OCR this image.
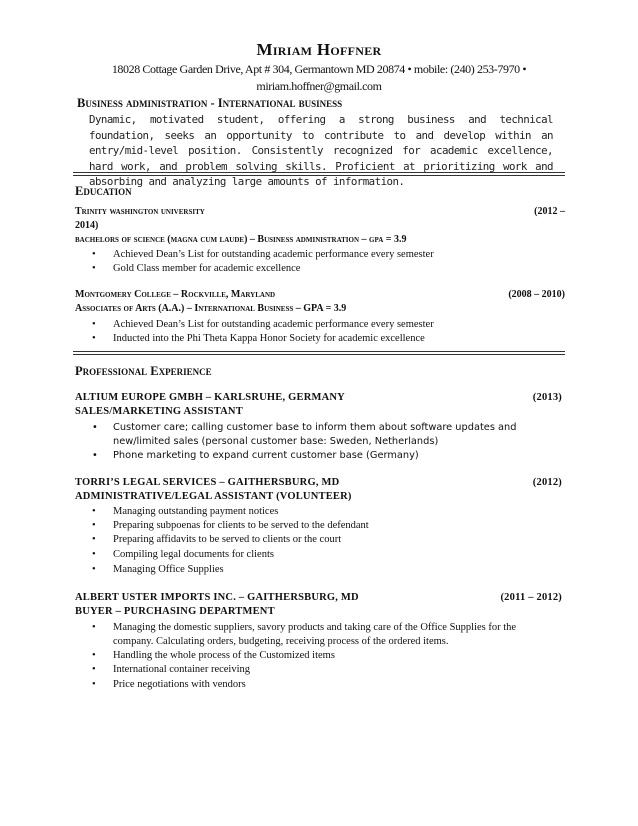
Miriam Hoffner
18028 Cottage Garden Drive, Apt # 304, Germantown MD 20874 • mobile: (240) 253-7970 •
miriam.hoffner@gmail.com
Business administration - International business
Dynamic, motivated student, offering a strong business and technical foundation, seeks an opportunity to contribute to and develop within an entry/mid-level position. Consistently recognized for academic excellence, hard work, and problem solving skills. Proficient at prioritizing work and absorbing and analyzing large amounts of information.
Education
Trinity washington university	(2012 –
2014)
bachelors of science (magna cum laude) – Business administration – gpa = 3.9
• Achieved Dean’s List for outstanding academic performance every semester
• Gold Class member for academic excellence
Montgomery College – Rockville, Maryland	(2008 – 2010)
Associates of Arts (A.A.) – International Business – GPA = 3.9
• Achieved Dean’s List for outstanding academic performance every semester
• Inducted into the Phi Theta Kappa Honor Society for academic excellence
Professional Experience
ALTIUM EUROPE GMBH – KARLSRUHE, GERMANY	(2013)
SALES/MARKETING ASSISTANT
• Customer care; calling customer base to inform them about software updates and new/limited sales (personal customer base: Sweden, Netherlands)
• Phone marketing to expand current customer base (Germany)
TORRI’S LEGAL SERVICES – GAITHERSBURG, MD	(2012)
ADMINISTRATIVE/LEGAL ASSISTANT (VOLUNTEER)
• Managing outstanding payment notices
• Preparing subpoenas for clients to be served to the defendant
• Preparing affidavits to be served to clients or the court
• Compiling legal documents for clients
• Managing Office Supplies
ALBERT USTER IMPORTS INC. – GAITHERSBURG, MD	(2011 – 2012)
BUYER – PURCHASING DEPARTMENT
• Managing the domestic suppliers, savory products and taking care of the Office Supplies for the company. Calculating orders, budgeting, receiving process of the ordered items.
• Handling the whole process of the Customized items
• International container receiving
• Price negotiations with vendors
